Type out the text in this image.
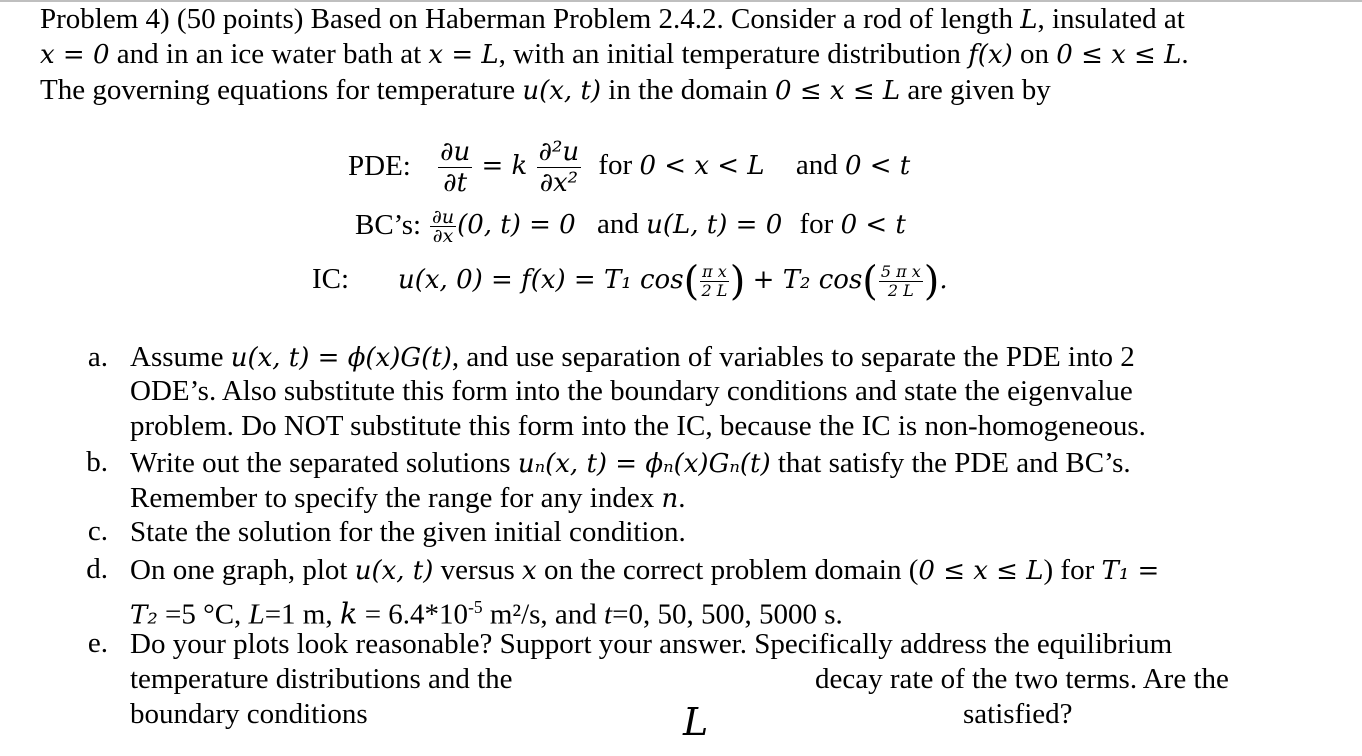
Problem 4) (50 points) Based on Haberman Problem 2.4.2. Consider a rod of length L, insulated at
x = 0 and in an ice water bath at x = L, with an initial temperature distribution f(x) on 0 ≤ x ≤ L.
The governing equations for temperature u(x, t) in the domain 0 ≤ x ≤ L are given by
PDE: $\frac{\partial u}{\partial t} = k \frac{\text{∂²u}}{\text{∂x²}}$ for 0 < x < L and 0 < t
BC’s: $\frac{\partial u}{\partial x} (0$, t) = 0 and u(L, t) = 0 for 0 < t
IC: u(x, 0) = f(x) = T₁ $\cos( \frac{\text{π x}}{2 L}$ ) + T₂ $\cos( \frac{\text{5 π x}}{2 L}$ ).
a. Assume u(x, t) = ϕ(x)G(t), and use separation of variables to separate the PDE into 2
ODE’s. Also substitute this form into the boundary conditions and state the eigenvalue
problem. Do NOT substitute this form into the IC, because the IC is non-homogeneous.
b. Write out the separated solutions uₙ(x, t) = ϕₙ(x)Gₙ(t) that satisfy the PDE and BC’s.
Remember to specify the range for any index n.
c. State the solution for the given initial condition.
d. On one graph, plot u(x, t) versus x on the correct problem domain (0 ≤ x ≤ L) for T₁ =
T₂ =5 °C, L=1 m, $k = 6.4*10^{-5}$ m²/s, and t=0, 50, 500, 5000 s.
e. Do your plots look reasonable? Support your answer. Specifically address the equilibrium
temperature distributions and the	decay rate of the two terms. Are the
boundary conditions	L	satisfied?
